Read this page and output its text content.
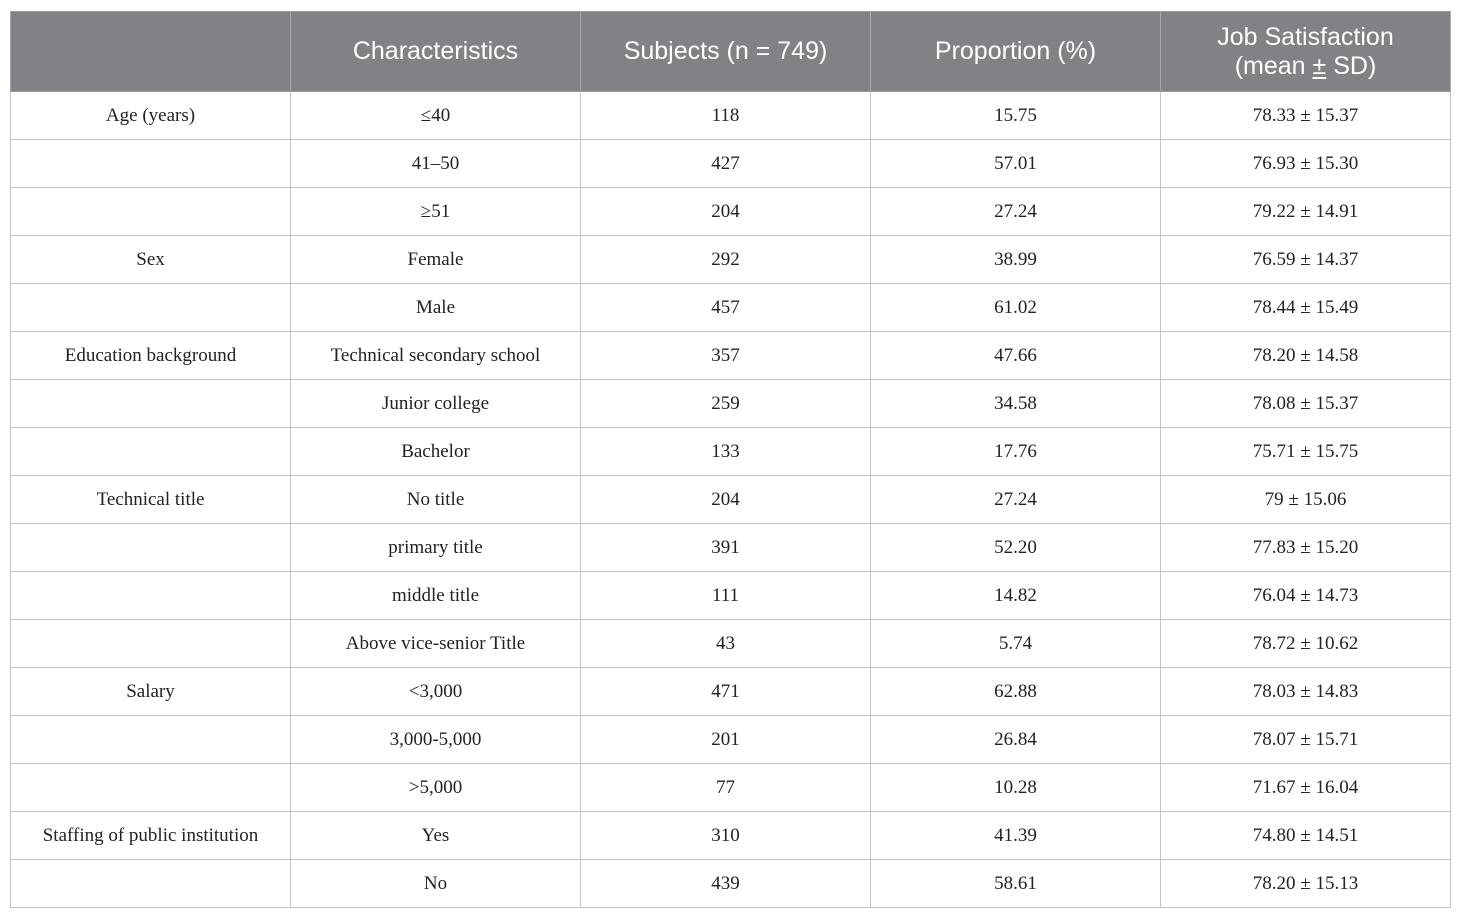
	Characteristics	Subjects (n = 749)	Proportion (%)	Job Satisfaction
(mean ± SD)
Age (years)	≤40	118	15.75	78.33 ± 15.37
	41–50	427	57.01	76.93 ± 15.30
	≥51	204	27.24	79.22 ± 14.91
Sex	Female	292	38.99	76.59 ± 14.37
	Male	457	61.02	78.44 ± 15.49
Education background	Technical secondary school	357	47.66	78.20 ± 14.58
	Junior college	259	34.58	78.08 ± 15.37
	Bachelor	133	17.76	75.71 ± 15.75
Technical title	No title	204	27.24	79 ± 15.06
	primary title	391	52.20	77.83 ± 15.20
	middle title	111	14.82	76.04 ± 14.73
	Above vice-senior Title	43	5.74	78.72 ± 10.62
Salary	<3,000	471	62.88	78.03 ± 14.83
	3,000-5,000	201	26.84	78.07 ± 15.71
	>5,000	77	10.28	71.67 ± 16.04
Staffing of public institution	Yes	310	41.39	74.80 ± 14.51
	No	439	58.61	78.20 ± 15.13
